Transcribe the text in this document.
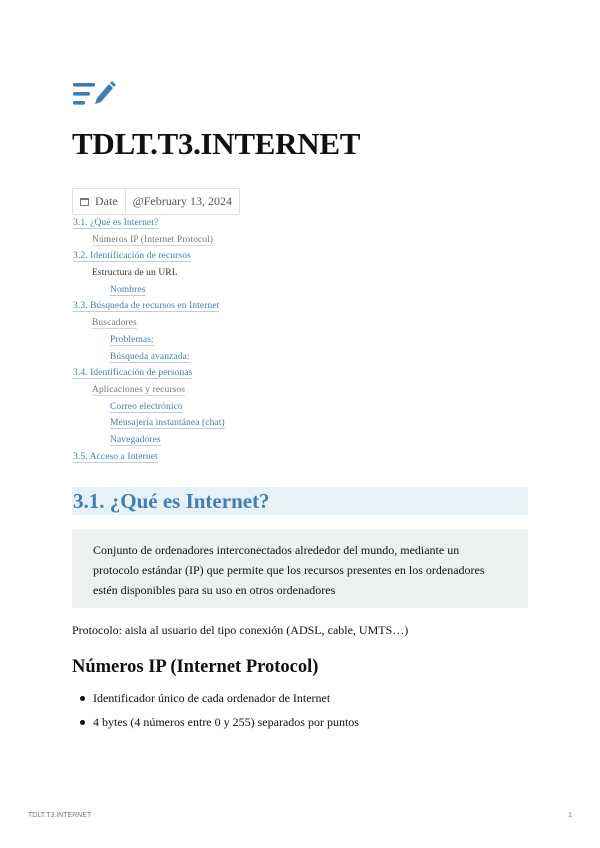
TDLT.T3.INTERNET
Date	@February 13, 2024
3.1. ¿Qué es Internet?
Números IP (Internet Protocol)
3.2. Identificación de recursos
Estructura de un URL
Nombres
3.3. Búsqueda de recursos en Internet
Buscadores
Problemas:
Búsqueda avanzada:
3.4. Identificación de personas
Aplicaciones y recursos
Correo electrónico
Mensajería instantánea (chat)
Navegadores
3.5. Acceso a Internet
3.1. ¿Qué es Internet?
Conjunto de ordenadores interconectados alrededor del mundo, mediante un protocolo estándar (IP) que permite que los recursos presentes en los ordenadores estén disponibles para su uso en otros ordenadores

Protocolo: aisla al usuario del tipo conexión (ADSL, cable, UMTS…)

Números IP (Internet Protocol)
Identificador único de cada ordenador de Internet
4 bytes (4 números entre 0 y 255) separados por puntos
TDLT.T3.INTERNET	1
